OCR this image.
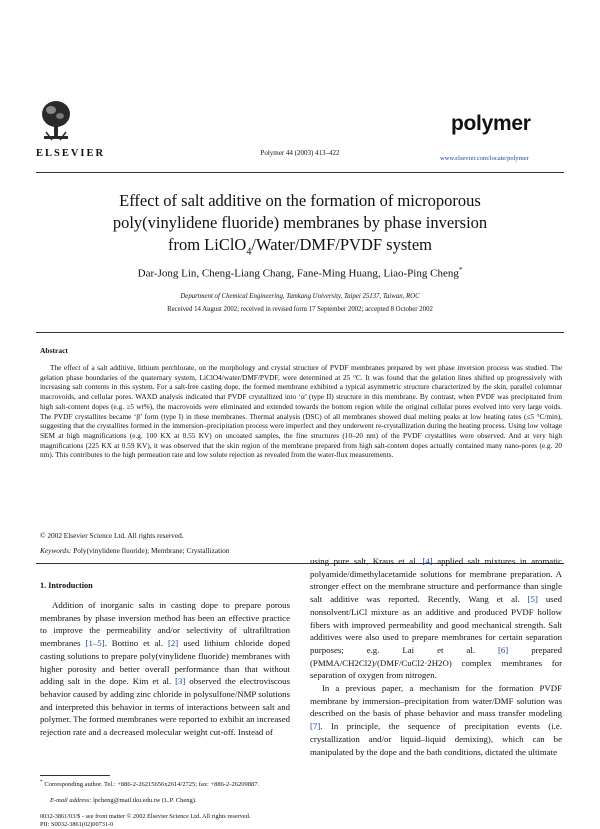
ELSEVIER	Polymer 44 (2003) 413–422
polymer
www.elsevier.com/locate/polymer
Effect of salt additive on the formation of microporous
poly(vinylidene fluoride) membranes by phase inversion
from LiClO$_4$/Water/DMF/PVDF system
Dar-Jong Lin, Cheng-Liang Chang, Fane-Ming Huang, Liao-Ping Cheng*
Department of Chemical Engineering, Tamkang University, Taipei 25137, Taiwan, ROC
Received 14 August 2002; received in revised form 17 September 2002; accepted 8 October 2002
Abstract
The effect of a salt additive, lithium perchlorate, on the morphology and crystal structure of PVDF membranes prepared by wet phase inversion process was studied. The gelation phase boundaries of the quaternary system, LiClO4/water/DMF/PVDF, were determined at 25 °C. It was found that the gelation lines shifted up progressively with increasing salt contents in this system. For a salt-free casting dope, the formed membrane exhibited a typical asymmetric structure characterized by the skin, parallel columnar macrovoids, and cellular pores. WAXD analysis indicated that PVDF crystallized into ‘α’ (type II) structure in this membrane. By contrast, when PVDF was precipitated from high salt-content dopes (e.g. ≥5 wt%), the macrovoids were eliminated and extended towards the bottom region while the original cellular pores evolved into very large voids. The PVDF crystallites became ‘β’ form (type I) in these membranes. Thermal analysis (DSC) of all membranes showed dual melting peaks at low heating rates (≤5 °C/min), suggesting that the crystallites formed in the immersion–precipitation process were imperfect and they underwent re-crystallization during the heating process. Using low voltage SEM at high magnifications (e.g. 100 KX at 0.55 KV) on uncoated samples, the fine structures (10–20 nm) of the PVDF crystallites were observed. And at very high magnifications (225 KX at 0.59 KV), it was observed that the skin region of the membrane prepared from high salt-content dopes actually contained many nano-pores (e.g. 20 nm). This contributes to the high permeation rate and low solute rejection as revealed from the water-flux measurements.
© 2002 Elsevier Science Ltd. All rights reserved.
Keywords: Poly(vinylidene fluoride); Membrane; Crystallization
1. Introduction

Addition of inorganic salts in casting dope to prepare porous membranes by phase inversion method has been an effective practice to improve the permeability and/or selectivity of ultrafiltration membranes [1–5]. Bottino et al. [2] used lithium chloride doped casting solutions to prepare poly(vinylidene fluoride) membranes with higher porosity and better overall performance than that without adding salt in the dope. Kim et al. [3] observed the electroviscous behavior caused by adding zinc chloride in polysulfone/NMP solutions and interpreted this behavior in terms of interactions between salt and polymer. The formed membranes were reported to exhibit an increased rejection rate and a decreased molecular weight cut-off. Instead of

using pure salt, Kraus et al. [4] applied salt mixtures in aromatic polyamide/dimethylacetamide solutions for membrane preparation. A stronger effect on the membrane structure and performance than single salt additive was reported. Recently, Wang et al. [5] used nonsolvent/LiCl mixture as an additive and produced PVDF hollow fibers with improved permeability and good mechanical strength. Salt additives were also used to prepare membranes for certain separation purposes; e.g. Lai et al. [6] prepared (PMMA/CH2Cl2)/(DMF/CuCl2·2H2O) complex membranes for separation of oxygen from nitrogen.

In a previous paper, a mechanism for the formation PVDF membrane by immersion–precipitation from water/DMF solution was described on the basis of phase behavior and mass transfer modeling [7]. In principle, the sequence of precipitation events (i.e. crystallization and/or liquid–liquid demixing), which can be manipulated by the dope and the bath conditions, dictated the ultimate

* Corresponding author. Tel.: +886-2-26215656x2614/2725; fax: +886-2-26209887.
E-mail address: lpcheng@mail.tku.edu.tw (L.P. Cheng).
0032-3861/03/$ - see front matter © 2002 Elsevier Science Ltd. All rights reserved.
PII: S0032-3861(02)00731-0
